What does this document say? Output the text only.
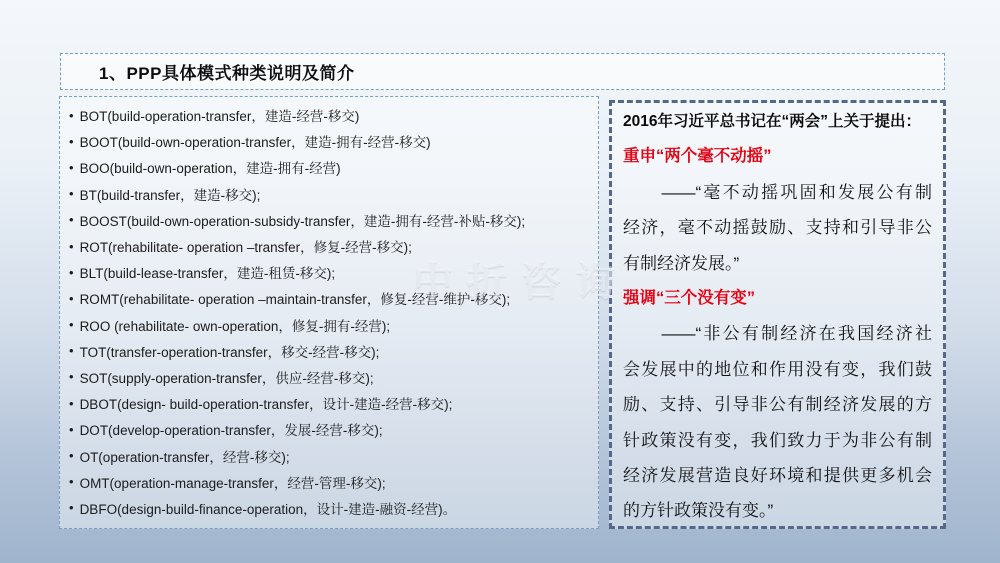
1、PPP具体模式种类说明及简介
• BOT(build-operation-transfer，建造-经营-移交)
• BOOT(build-own-operation-transfer，建造-拥有-经营-移交)
• BOO(build-own-operation，建造-拥有-经营)
• BT(build-transfer，建造-移交);
• BOOST(build-own-operation-subsidy-transfer，建造-拥有-经营-补贴-移交);
• ROT(rehabilitate- operation –transfer，修复-经营-移交);
• BLT(build-lease-transfer，建造-租赁-移交);
• ROMT(rehabilitate- operation –maintain-transfer，修复-经营-维护-移交);
• ROO (rehabilitate- own-operation，修复-拥有-经营);
• TOT(transfer-operation-transfer，移交-经营-移交);
• SOT(supply-operation-transfer，供应-经营-移交);
• DBOT(design- build-operation-transfer，设计-建造-经营-移交);
• DOT(develop-operation-transfer，发展-经营-移交);
• OT(operation-transfer，经营-移交);
• OMT(operation-manage-transfer，经营-管理-移交);
• DBFO(design-build-finance-operation，设计-建造-融资-经营)。
2016年习近平总书记在“两会”上关于提出：
重申“两个毫不动摇”
　　——“毫不动摇巩固和发展公有制
经济，毫不动摇鼓励、支持和引导非公
有制经济发展。”
强调“三个没有变”
　　——“非公有制经济在我国经济社
会发展中的地位和作用没有变，我们鼓
励、支持、引导非公有制经济发展的方
针政策没有变，我们致力于为非公有制
经济发展营造良好环境和提供更多机会
的方针政策没有变。”
中折咨询
